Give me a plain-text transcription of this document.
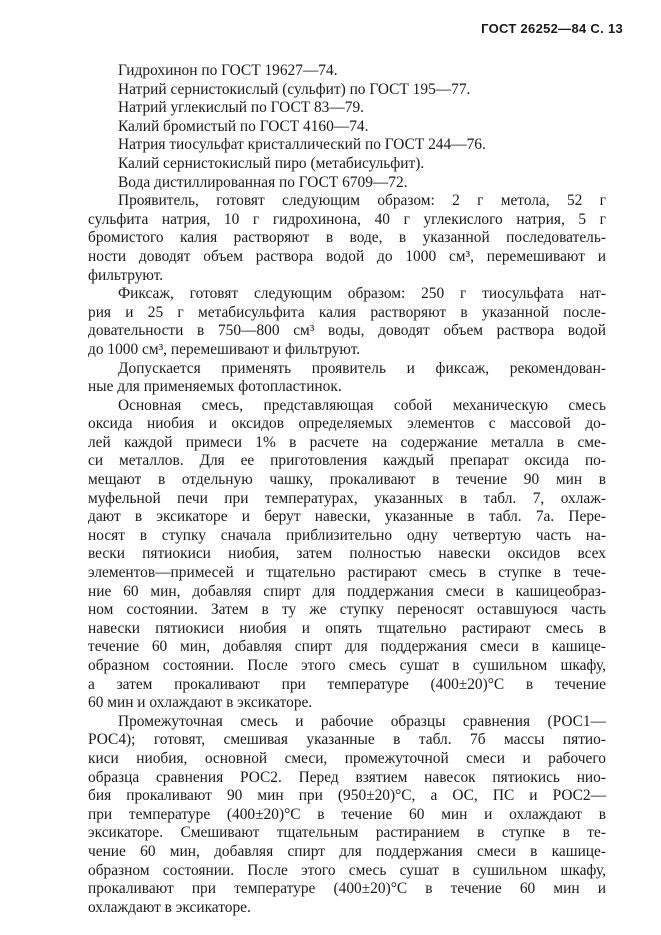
ГОСТ 26252—84 С. 13
Гидрохинон по ГОСТ 19627—74.
Натрий сернистокислый (сульфит) по ГОСТ 195—77.
Натрий углекислый по ГОСТ 83—79.
Калий бромистый по ГОСТ 4160—74.
Натрия тиосульфат кристаллический по ГОСТ 244—76.
Калий сернистокислый пиро (метабисульфит).
Вода дистиллированная по ГОСТ 6709—72.
Проявитель, готовят следующим образом: 2 г метола, 52 г
сульфита натрия, 10 г гидрохинона, 40 г углекислого натрия, 5 г
бромистого калия растворяют в воде, в указанной последователь-
ности доводят объем раствора водой до 1000 см³, перемешивают и
фильтруют.
Фиксаж, готовят следующим образом: 250 г тиосульфата нат-
рия и 25 г метабисульфита калия растворяют в указанной после-
довательности в 750—800 см³ воды, доводят объем раствора водой
до 1000 см³, перемешивают и фильтруют.
Допускается применять проявитель и фиксаж, рекомендован-
ные для применяемых фотопластинок.
Основная смесь, представляющая собой механическую смесь
оксида ниобия и оксидов определяемых элементов с массовой до-
лей каждой примеси 1% в расчете на содержание металла в сме-
си металлов. Для ее приготовления каждый препарат оксида по-
мещают в отдельную чашку, прокаливают в течение 90 мин в
муфельной печи при температурах, указанных в табл. 7, охлаж-
дают в эксикаторе и берут навески, указанные в табл. 7а. Пере-
носят в ступку сначала приблизительно одну четвертую часть на-
вески пятиокиси ниобия, затем полностью навески оксидов всех
элементов—примесей и тщательно растирают смесь в ступке в тече-
ние 60 мин, добавляя спирт для поддержания смеси в кашицеобраз-
ном состоянии. Затем в ту же ступку переносят оставшуюся часть
навески пятиокиси ниобия и опять тщательно растирают смесь в
течение 60 мин, добавляя спирт для поддержания смеси в кашице-
образном состоянии. После этого смесь сушат в сушильном шкафу,
а затем прокаливают при температуре (400±20)°С в течение
60 мин и охлаждают в эксикаторе.
Промежуточная смесь и рабочие образцы сравнения (РОС1—
РОС4); готовят, смешивая указанные в табл. 7б массы пятио-
киси ниобия, основной смеси, промежуточной смеси и рабочего
образца сравнения РОС2. Перед взятием навесок пятиокись нио-
бия прокаливают 90 мин при (950±20)°С, а ОС, ПС и РОС2—
при температуре (400±20)°С в течение 60 мин и охлаждают в
эксикаторе. Смешивают тщательным растиранием в ступке в те-
чение 60 мин, добавляя спирт для поддержания смеси в кашице-
образном состоянии. После этого смесь сушат в сушильном шкафу,
прокаливают при температуре (400±20)°С в течение 60 мин и
охлаждают в эксикаторе.
